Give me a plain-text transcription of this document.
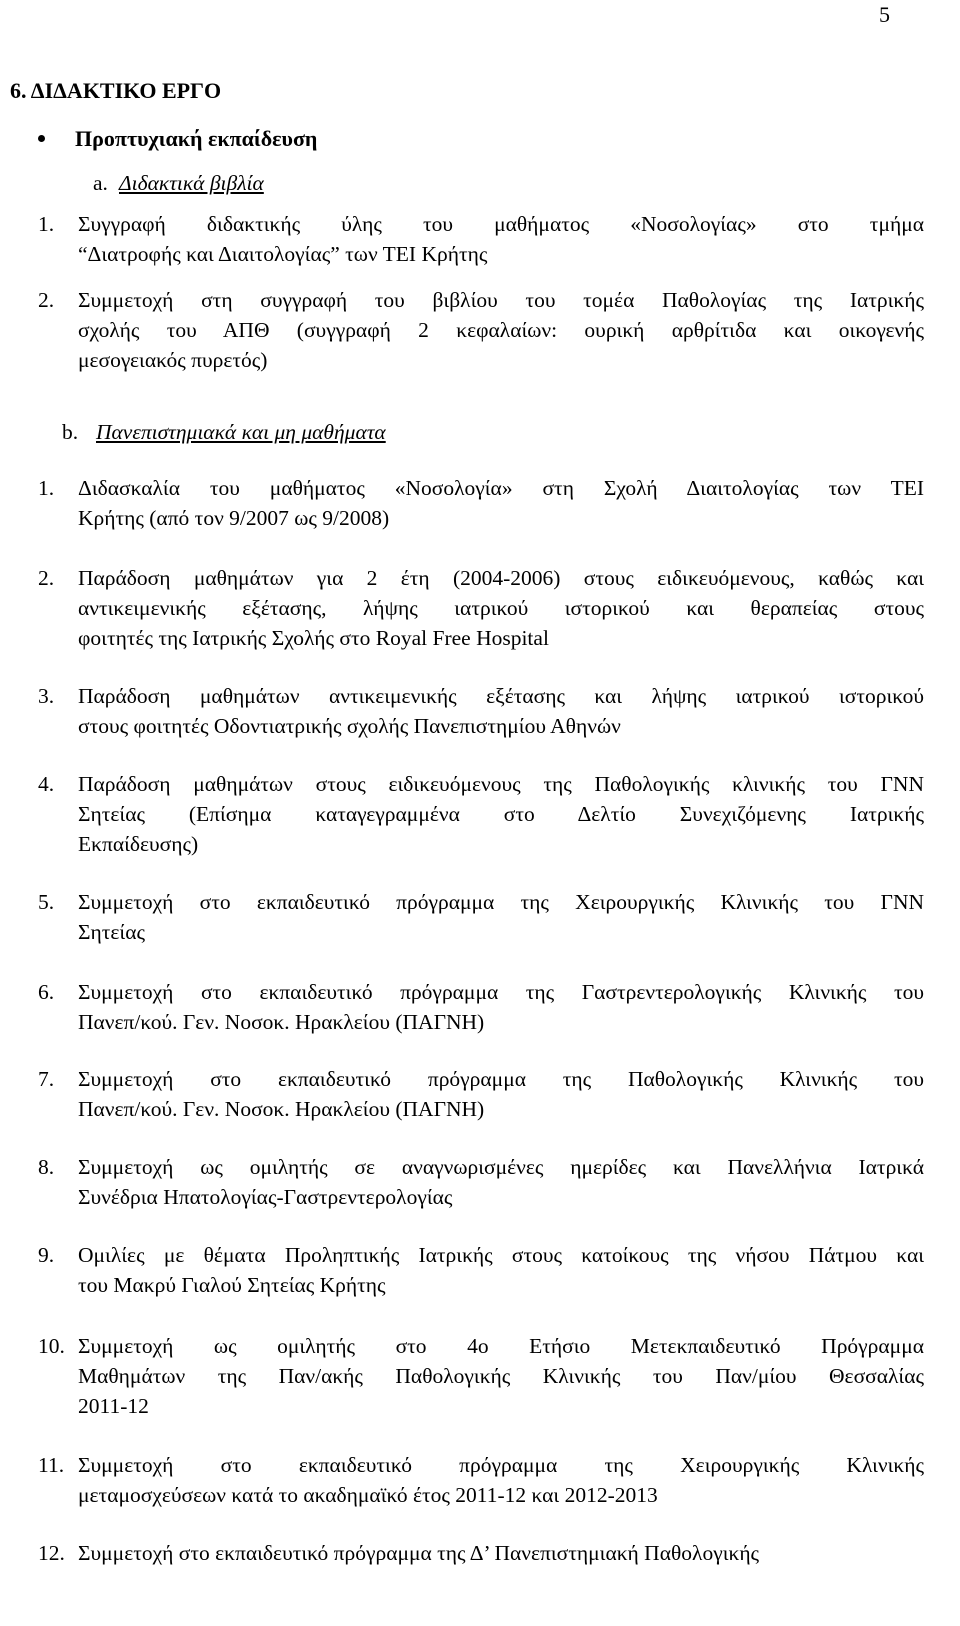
5
6. ΔΙΔΑΚΤΙΚΟ ΕΡΓΟ
Προπτυχιακή εκπαίδευση
a. Διδακτικά βιβλία
1. Συγγραφή διδακτικής ύλης του μαθήματος «Νοσολογίας» στο τμήμα
“Διατροφής και Διαιτολογίας” των ΤΕΙ Κρήτης
2. Συμμετοχή στη συγγραφή του βιβλίου του τομέα Παθολογίας της Ιατρικής
σχολής του ΑΠΘ (συγγραφή 2 κεφαλαίων: ουρική αρθρίτιδα και οικογενής
μεσογειακός πυρετός)
b. Πανεπιστημιακά και μη μαθήματα
1. Διδασκαλία του μαθήματος «Νοσολογία» στη Σχολή Διαιτολογίας των ΤΕΙ
Κρήτης (από τον 9/2007 ως 9/2008)
2. Παράδοση μαθημάτων για 2 έτη (2004-2006) στους ειδικευόμενους, καθώς και
αντικειμενικής εξέτασης, λήψης ιατρικού ιστορικού και θεραπείας στους
φοιτητές της Ιατρικής Σχολής στο Royal Free Hospital
3. Παράδοση μαθημάτων αντικειμενικής εξέτασης και λήψης ιατρικού ιστορικού
στους φοιτητές Οδοντιατρικής σχολής Πανεπιστημίου Αθηνών
4. Παράδοση μαθημάτων στους ειδικευόμενους της Παθολογικής κλινικής του ΓΝΝ
Σητείας (Επίσημα καταγεγραμμένα στο Δελτίο Συνεχιζόμενης Ιατρικής
Εκπαίδευσης)
5. Συμμετοχή στο εκπαιδευτικό πρόγραμμα της Χειρουργικής Κλινικής του ΓΝΝ
Σητείας
6. Συμμετοχή στο εκπαιδευτικό πρόγραμμα της Γαστρεντερολογικής Κλινικής του
Πανεπ/κού. Γεν. Νοσοκ. Ηρακλείου (ΠΑΓΝΗ)
7. Συμμετοχή στο εκπαιδευτικό πρόγραμμα της Παθολογικής Κλινικής του
Πανεπ/κού. Γεν. Νοσοκ. Ηρακλείου (ΠΑΓΝΗ)
8. Συμμετοχή ως ομιλητής σε αναγνωρισμένες ημερίδες και Πανελλήνια Ιατρικά
Συνέδρια Ηπατολογίας-Γαστρεντερολογίας
9. Ομιλίες με θέματα Προληπτικής Ιατρικής στους κατοίκους της νήσου Πάτμου και
του Μακρύ Γιαλού Σητείας Κρήτης
10. Συμμετοχή ως ομιλητής στο 4ο Ετήσιο Μετεκπαιδευτικό Πρόγραμμα
Μαθημάτων της Παν/ακής Παθολογικής Κλινικής του Παν/μίου Θεσσαλίας
2011-12
11. Συμμετοχή στο εκπαιδευτικό πρόγραμμα της Χειρουργικής Κλινικής
μεταμοσχεύσεων κατά το ακαδημαϊκό έτος 2011-12 και 2012-2013
12. Συμμετοχή στο εκπαιδευτικό πρόγραμμα της Δ’ Πανεπιστημιακή Παθολογικής
